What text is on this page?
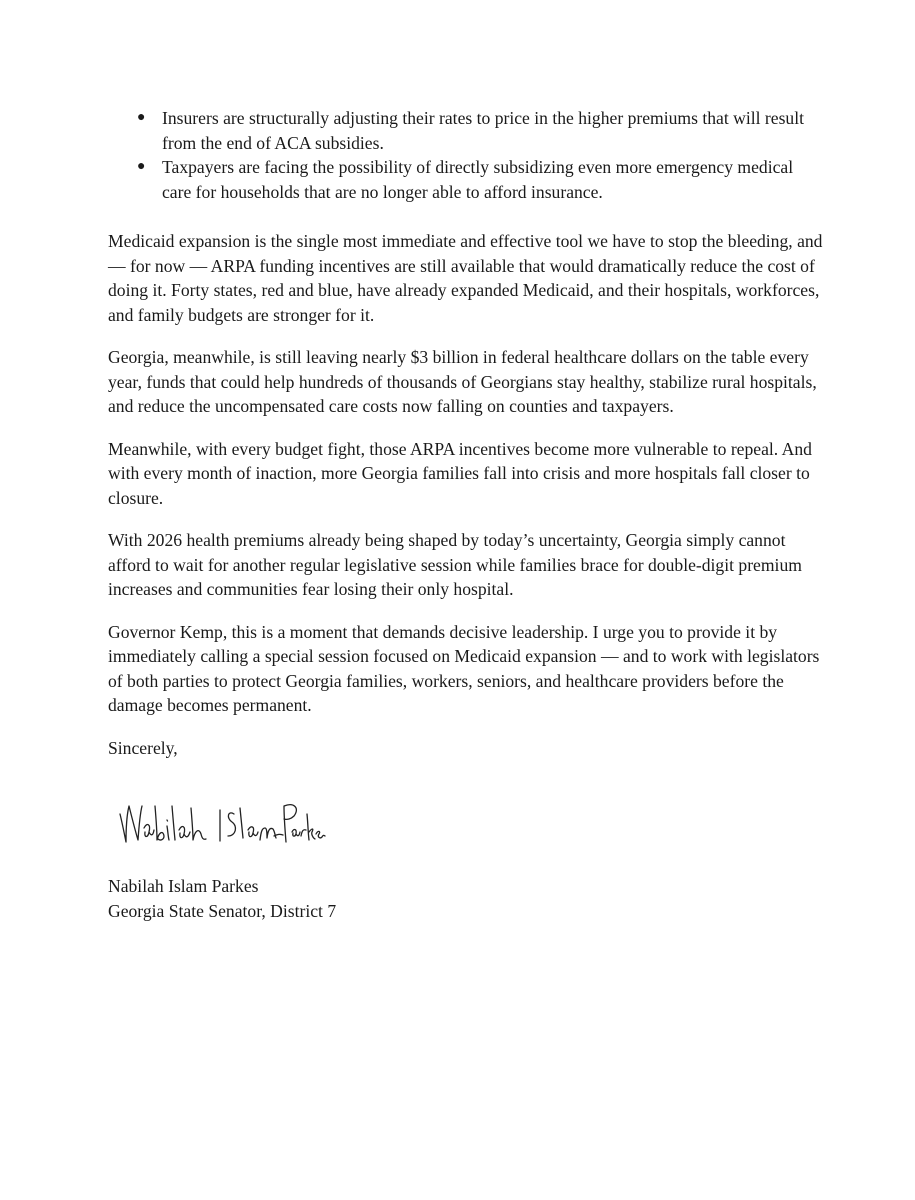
● Insurers are structurally adjusting their rates to price in the higher premiums that will result from the end of ACA subsidies.
● Taxpayers are facing the possibility of directly subsidizing even more emergency medical care for households that are no longer able to afford insurance.

Medicaid expansion is the single most immediate and effective tool we have to stop the bleeding, and — for now — ARPA funding incentives are still available that would dramatically reduce the cost of doing it. Forty states, red and blue, have already expanded Medicaid, and their hospitals, workforces, and family budgets are stronger for it.

Georgia, meanwhile, is still leaving nearly $3 billion in federal healthcare dollars on the table every year, funds that could help hundreds of thousands of Georgians stay healthy, stabilize rural hospitals, and reduce the uncompensated care costs now falling on counties and taxpayers.

Meanwhile, with every budget fight, those ARPA incentives become more vulnerable to repeal. And with every month of inaction, more Georgia families fall into crisis and more hospitals fall closer to closure.

With 2026 health premiums already being shaped by today’s uncertainty, Georgia simply cannot afford to wait for another regular legislative session while families brace for double-digit premium increases and communities fear losing their only hospital.

Governor Kemp, this is a moment that demands decisive leadership. I urge you to provide it by immediately calling a special session focused on Medicaid expansion — and to work with legislators of both parties to protect Georgia families, workers, seniors, and healthcare providers before the damage becomes permanent.

Sincerely,

Nabilah Islam Parkes

Georgia State Senator, District 7
